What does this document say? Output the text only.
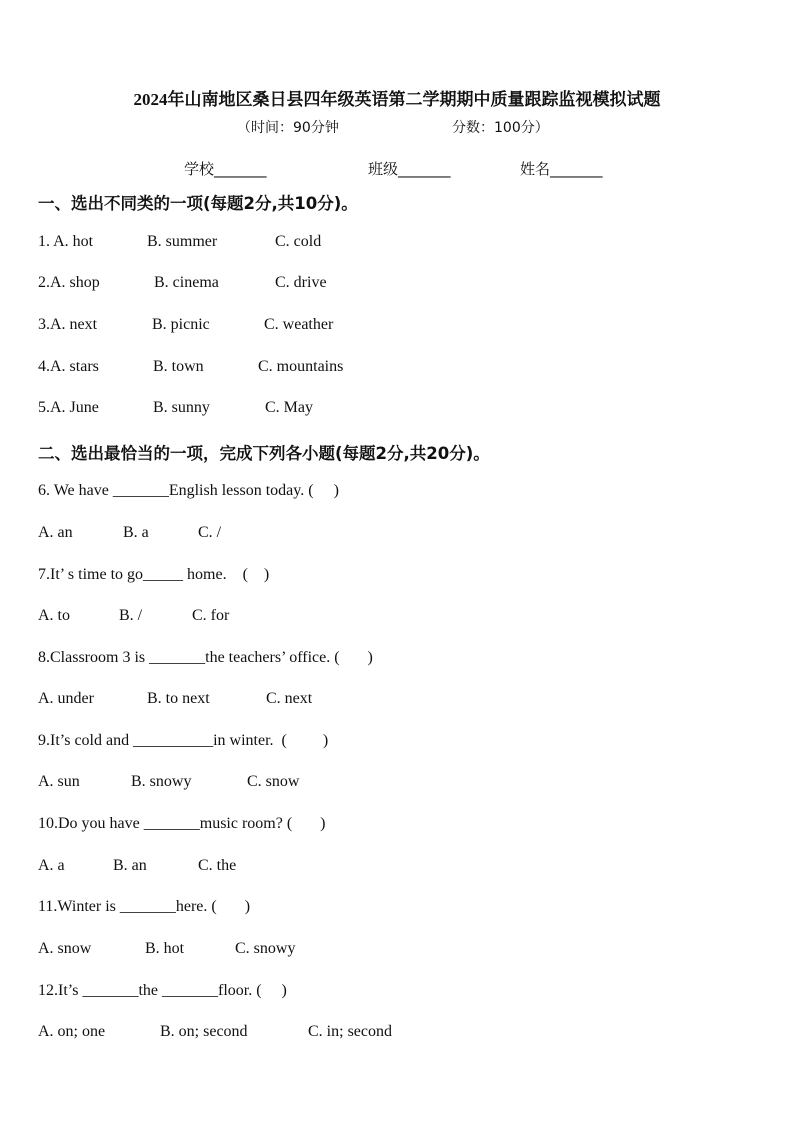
2024年山南地区桑日县四年级英语第二学期期中质量跟踪监视模拟试题
（时间：90分钟	分数：100分）
学校_______	班级_______	姓名_______
一、选出不同类的一项(每题2分,共10分)。
1. A. hot	B. summer	C. cold
2.A. shop	B. cinema	C. drive
3.A. next	B. picnic	C. weather
4.A. stars	B. town	C. mountains
5.A. June	B. sunny	C. May
二、选出最恰当的一项，完成下列各小题(每题2分,共20分)。
6. We have _______English lesson today. (     )
A. an	B. a	C. /
7.It’ s time to go_____ home.    (    )
A. to	B. /	C. for
8.Classroom 3 is _______the teachers’ office. (       )
A. under	B. to next	C. next
9.It’s cold and __________in winter.  (         )
A. sun	B. snowy	C. snow
10.Do you have _______music room? (       )
A. a	B. an	C. the
11.Winter is _______here. (       )
A. snow	B. hot	C. snowy
12.It’s _______the _______floor. (     )
A. on; one	B. on; second	C. in; second
